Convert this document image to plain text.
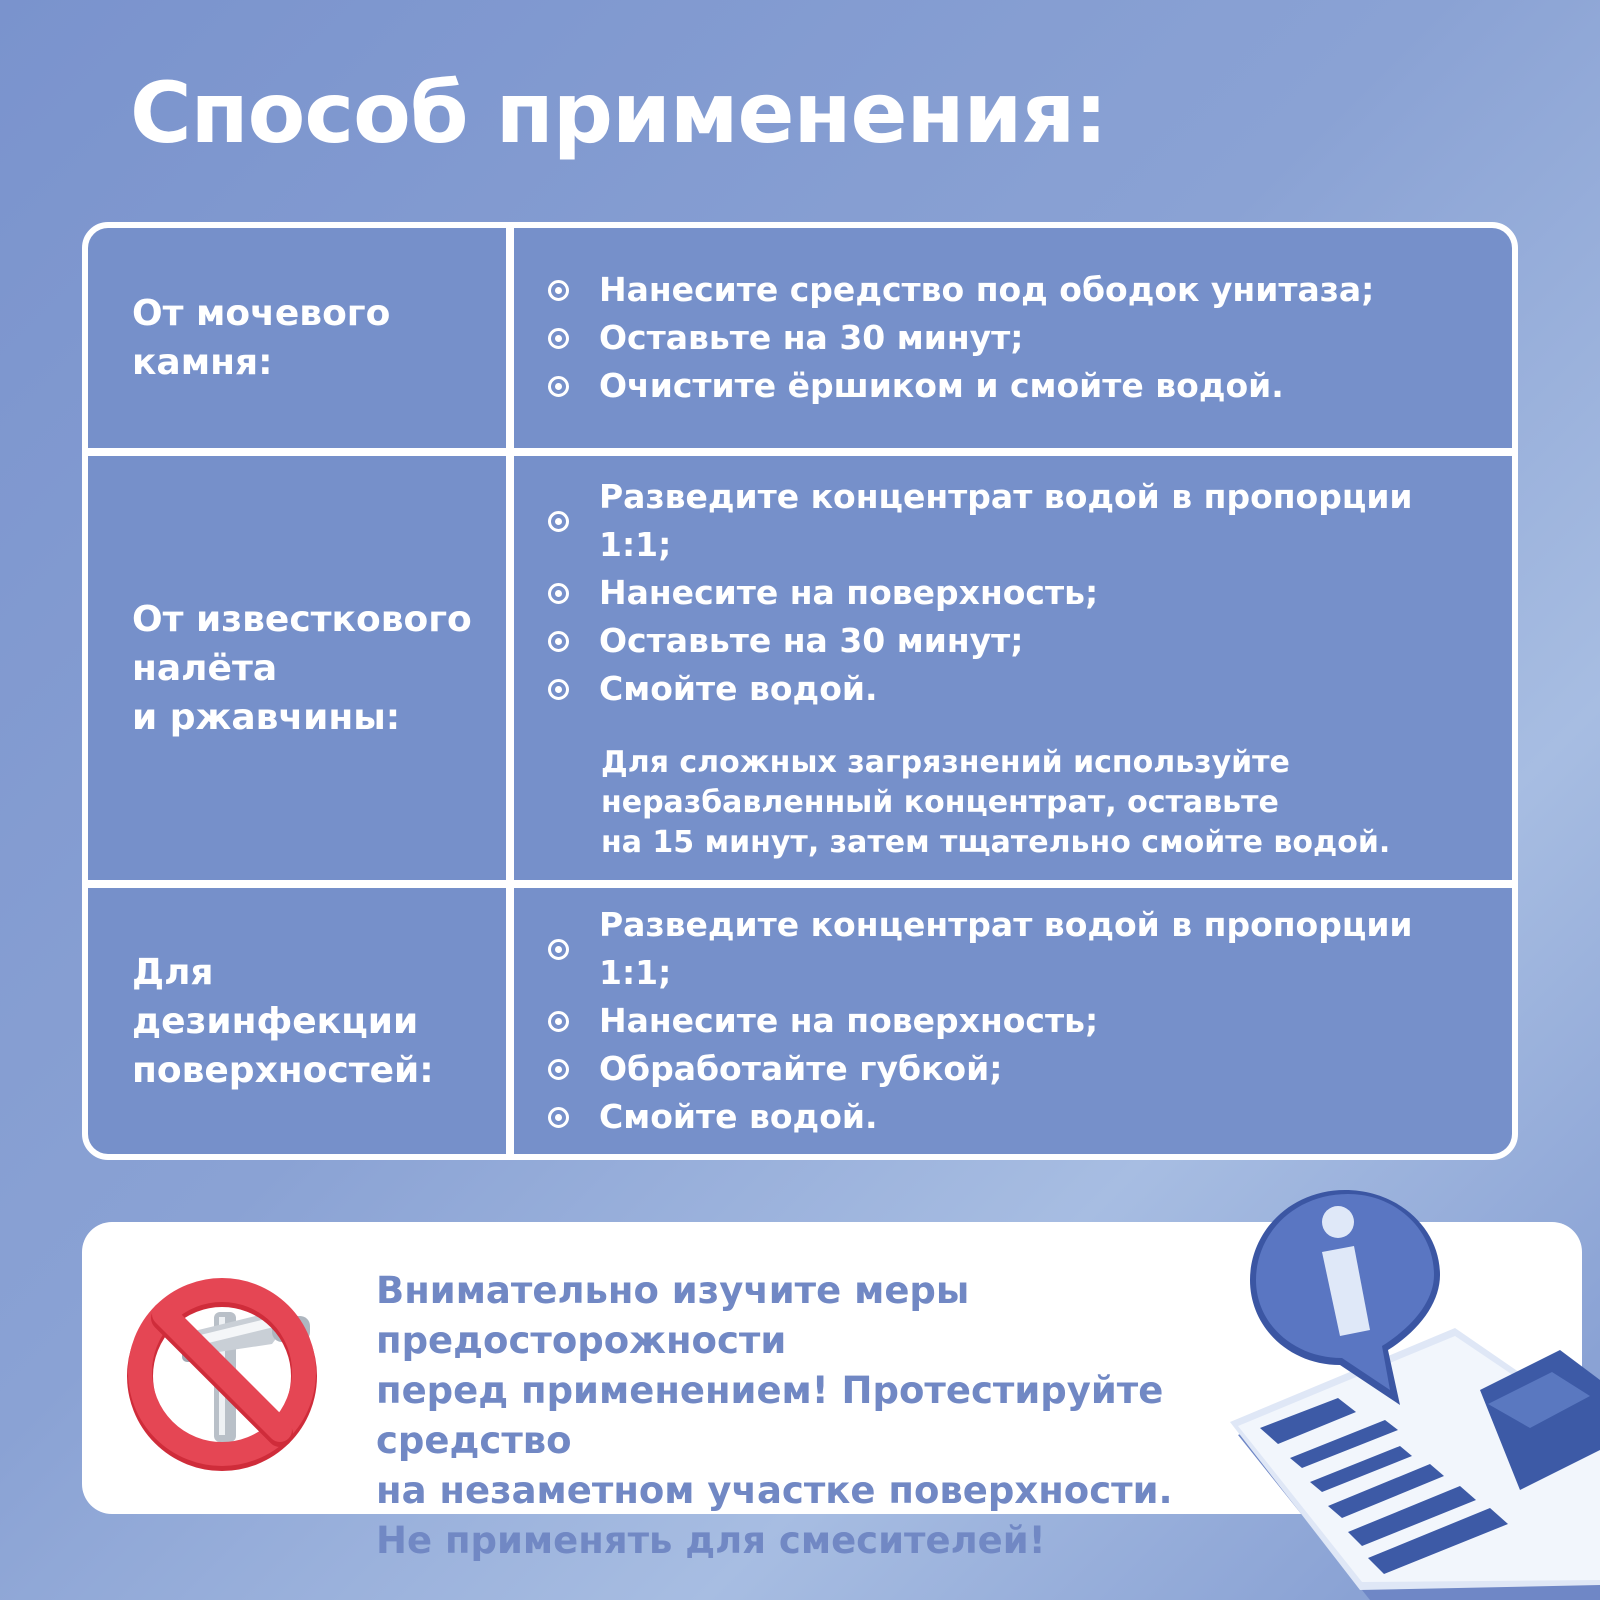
Способ применения:
От мочевого
камня:
Нанесите средство под ободок унитаза;
Оставьте на 30 минут;
Очистите ёршиком и смойте водой.
От известкового
налёта
и ржавчины:
Разведите концентрат водой в пропорции 1:1;
Нанесите на поверхность;
Оставьте на 30 минут;
Смойте водой.
Для сложных загрязнений используйте
неразбавленный концентрат, оставьте
на 15 минут, затем тщательно смойте водой.
Для
дезинфекции
поверхностей:
Разведите концентрат водой в пропорции 1:1;
Нанесите на поверхность;
Обработайте губкой;
Смойте водой.
Внимательно изучите меры предосторожности
перед применением! Протестируйте средство
на незаметном участке поверхности.
Не применять для смесителей!
